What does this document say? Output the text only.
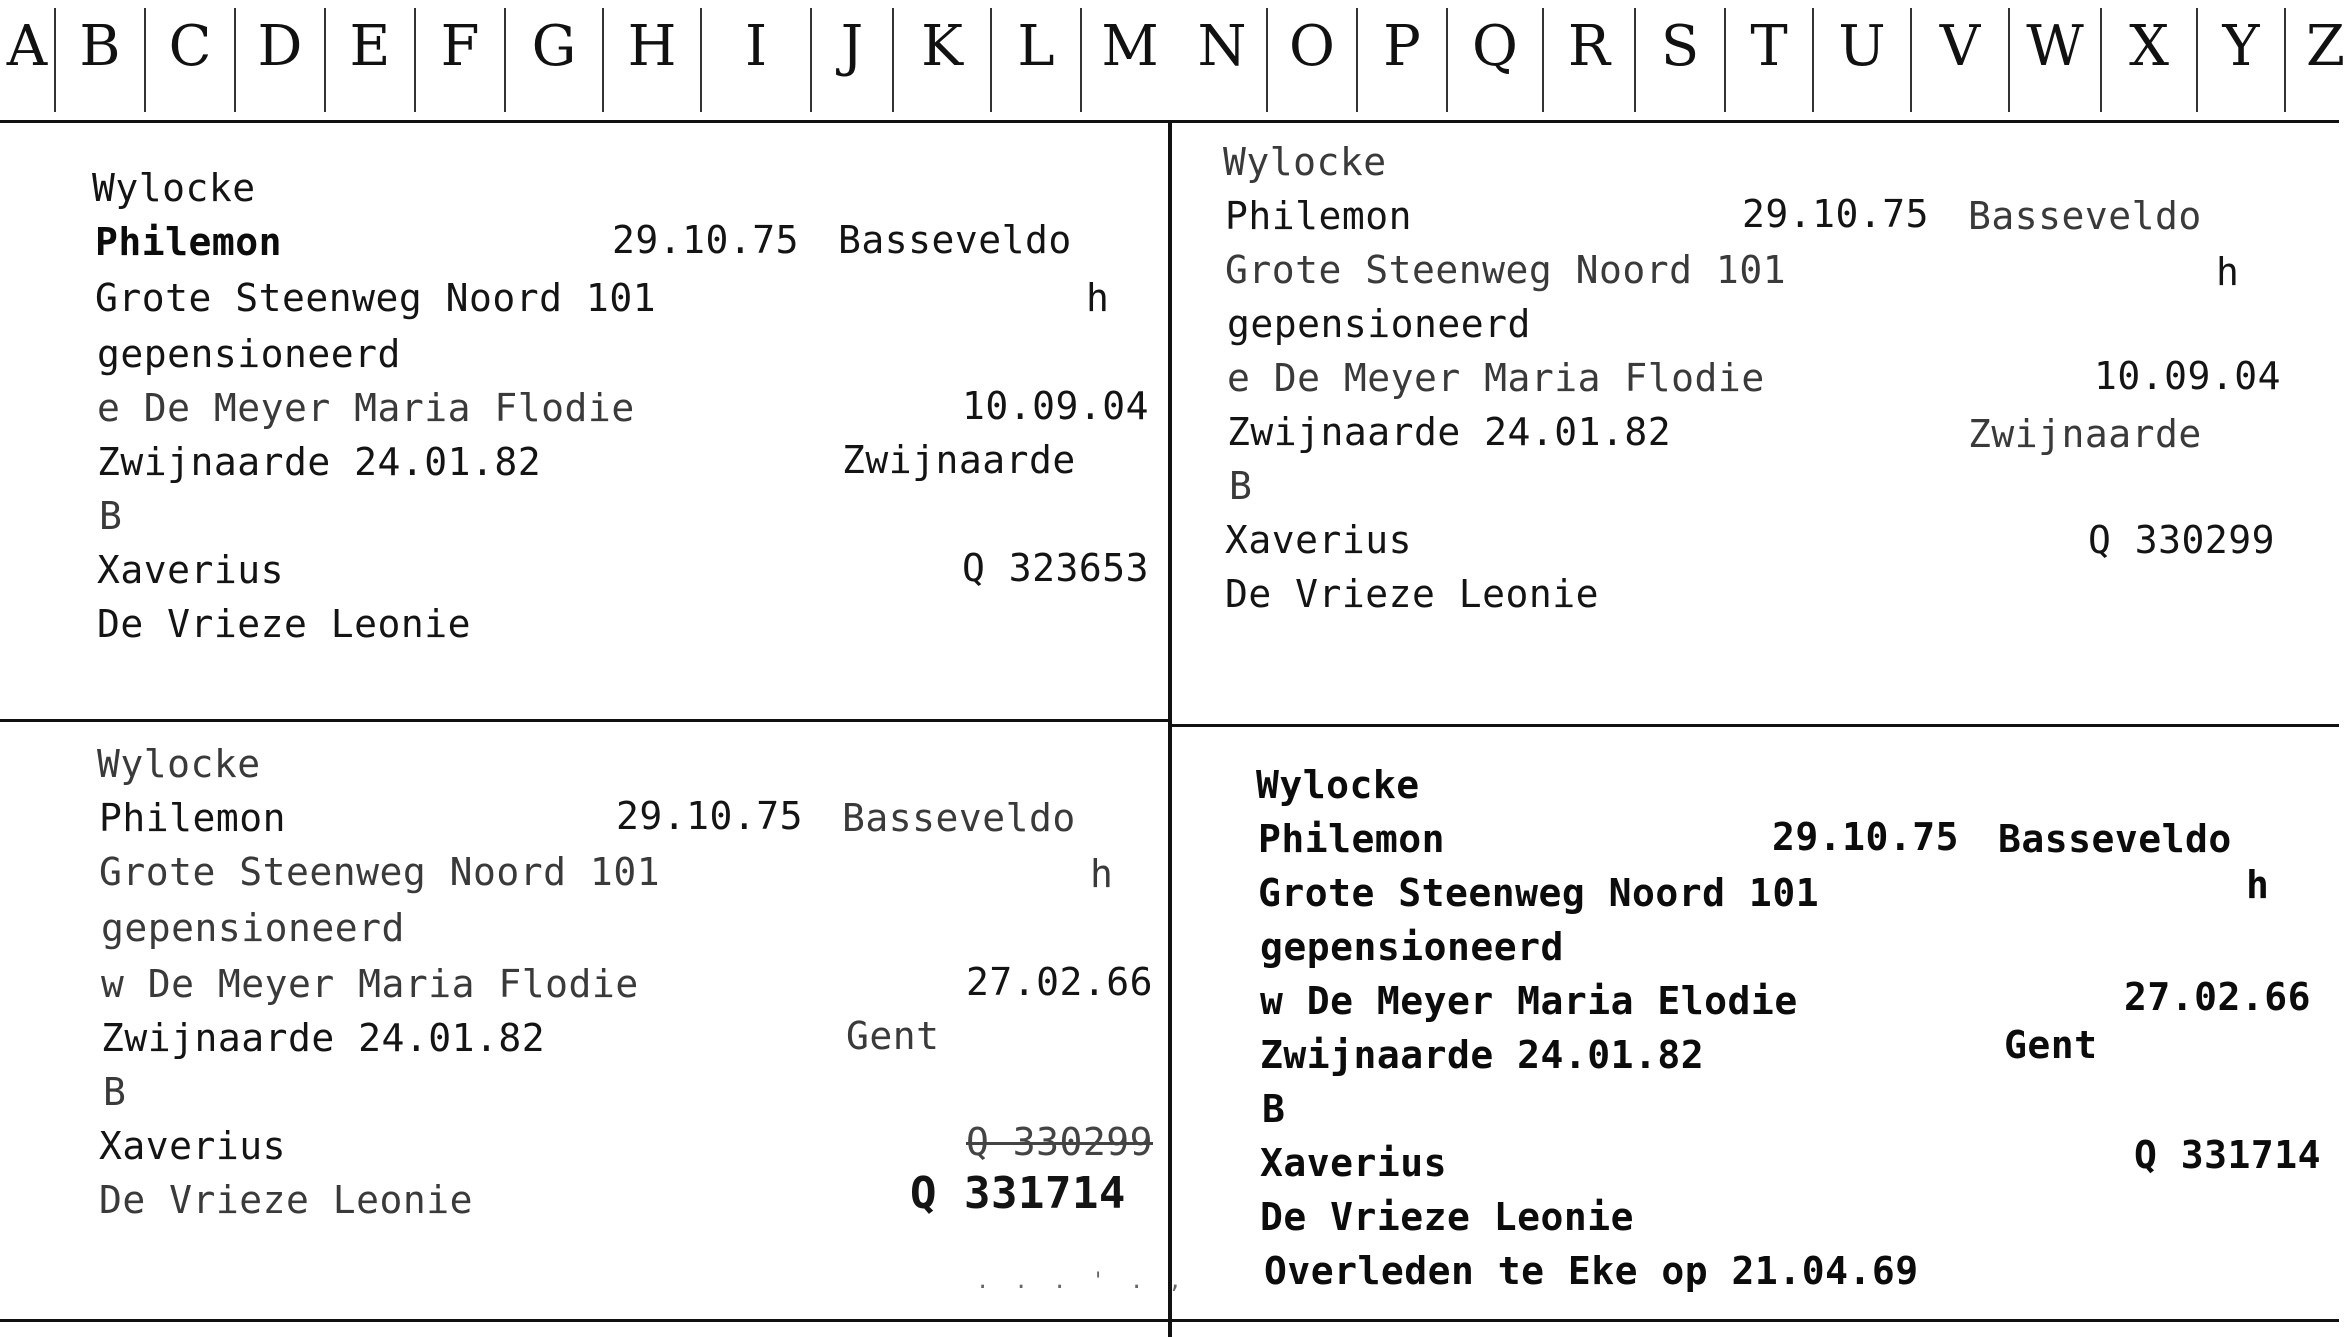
A B C D E F G H	I	J	K L M N O P Q R S T U V W X Y Z
Wylocke
Philemon	29.10.75 Basseveldo
Grote Steenweg Noord 101	h
gepensioneerd
e De Meyer Maria Flodie	10.09.04
Zwijnaarde 24.01.82	Zwijnaarde
B
Xaverius	Q 323653
De Vrieze Leonie
Wylocke
Philemon	29.10.75 Basseveldo
Grote Steenweg Noord 101	h
gepensioneerd
e De Meyer Maria Flodie	10.09.04
Zwijnaarde 24.01.82	Zwijnaarde
B
Xaverius	Q 330299
De Vrieze Leonie
Wylocke
Philemon	29.10.75 Basseveldo
Grote Steenweg Noord 101	h
gepensioneerd
w De Meyer Maria Flodie	27.02.66
Zwijnaarde 24.01.82	Gent
B
Xaverius	Q 330299
De Vrieze Leonie	Q 331714
. . . ' . ,
Wylocke
Philemon	29.10.75 Basseveldo
Grote Steenweg Noord 101	h
gepensioneerd
w De Meyer Maria Elodie	27.02.66
Zwijnaarde 24.01.82	Gent
B
Xaverius	Q 331714
De Vrieze Leonie
Overleden te Eke op 21.04.69
